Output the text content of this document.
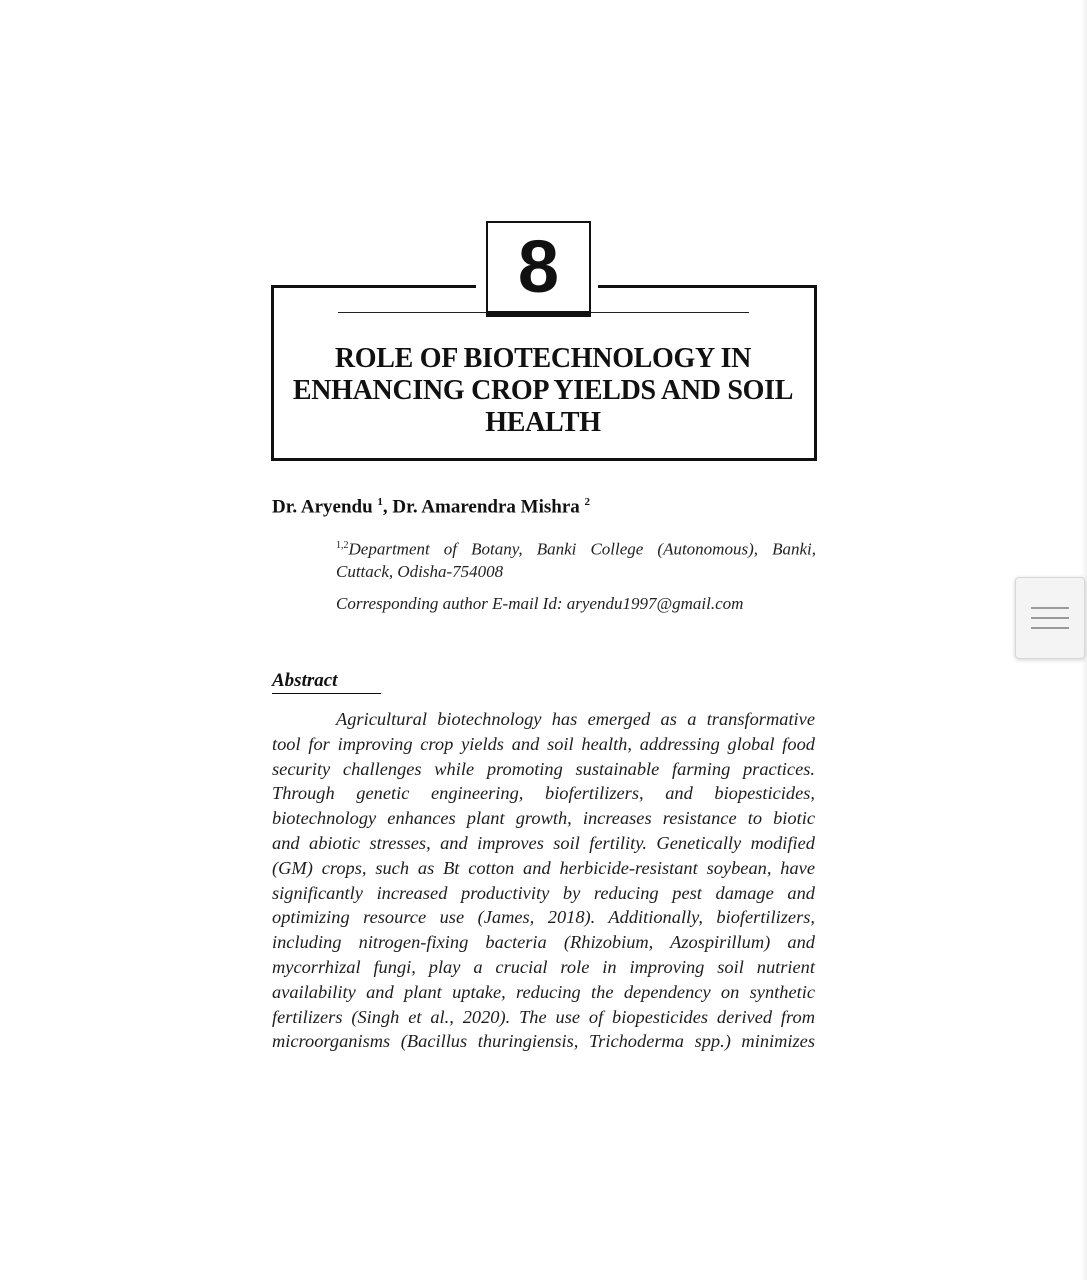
8
ROLE OF BIOTECHNOLOGY IN
ENHANCING CROP YIELDS AND SOIL
HEALTH
Dr. Aryendu $^1$, Dr. Amarendra Mishra $^2$
$^{1,2}$Department of Botany, Banki College (Autonomous), Banki, Cuttack, Odisha-754008
Corresponding author E-mail Id: aryendu1997@gmail.com
Abstract
Agricultural biotechnology has emerged as a transformative
tool for improving crop yields and soil health, addressing global food
security challenges while promoting sustainable farming practices.
Through genetic engineering, biofertilizers, and biopesticides,
biotechnology enhances plant growth, increases resistance to biotic
and abiotic stresses, and improves soil fertility. Genetically modified
(GM) crops, such as Bt cotton and herbicide-resistant soybean, have
significantly increased productivity by reducing pest damage and
optimizing resource use (James, 2018). Additionally, biofertilizers,
including nitrogen-fixing bacteria (Rhizobium, Azospirillum) and
mycorrhizal fungi, play a crucial role in improving soil nutrient
availability and plant uptake, reducing the dependency on synthetic
fertilizers (Singh et al., 2020). The use of biopesticides derived from
microorganisms (Bacillus thuringiensis, Trichoderma spp.) minimizes
